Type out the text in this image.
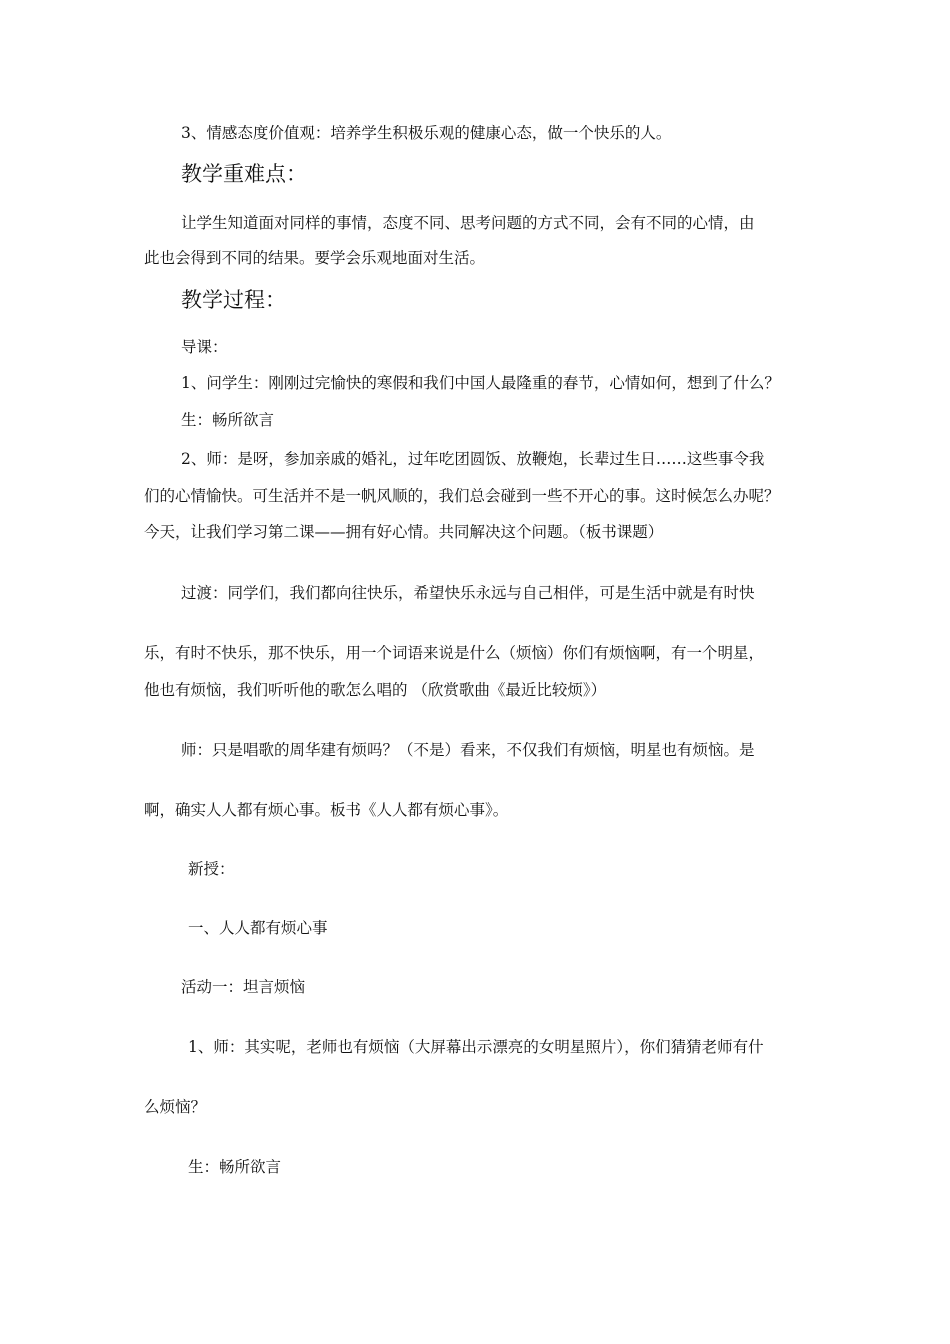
3、情感态度价值观：培养学生积极乐观的健康心态，做一个快乐的人。
教学重难点：
让学生知道面对同样的事情，态度不同、思考问题的方式不同，会有不同的心情，由
此也会得到不同的结果。要学会乐观地面对生活。
教学过程：
导课：
1、问学生：刚刚过完愉快的寒假和我们中国人最隆重的春节，心情如何，想到了什么？
生：畅所欲言
2、师：是呀，参加亲戚的婚礼，过年吃团圆饭、放鞭炮，长辈过生日……这些事令我
们的心情愉快。可生活并不是一帆风顺的，我们总会碰到一些不开心的事。这时候怎么办呢？
今天，让我们学习第二课——拥有好心情。共同解决这个问题。（板书课题）
过渡：同学们，我们都向往快乐，希望快乐永远与自己相伴，可是生活中就是有时快
乐，有时不快乐，那不快乐，用一个词语来说是什么（烦恼）你们有烦恼啊，有一个明星，
他也有烦恼，我们听听他的歌怎么唱的 （欣赏歌曲《最近比较烦》）
师：只是唱歌的周华建有烦吗？（不是）看来，不仅我们有烦恼，明星也有烦恼。是
啊，确实人人都有烦心事。板书《人人都有烦心事》。
新授：
一、人人都有烦心事
活动一：坦言烦恼
1、师：其实呢，老师也有烦恼（大屏幕出示漂亮的女明星照片），你们猜猜老师有什
么烦恼？
生：畅所欲言
